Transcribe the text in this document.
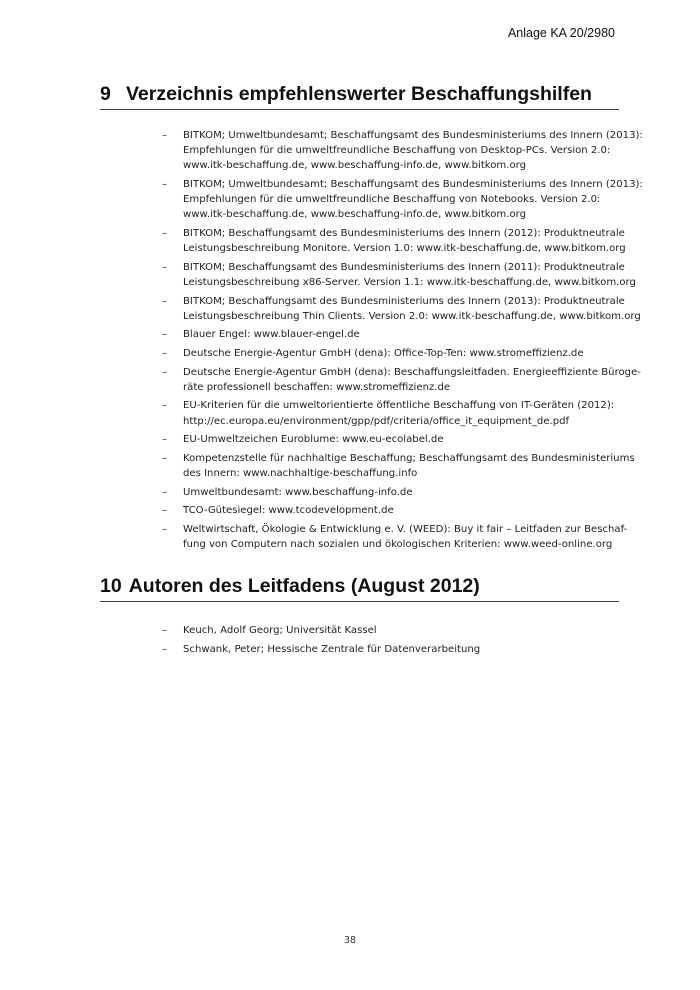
Anlage KA 20/2980
9 Verzeichnis empfehlenswerter Beschaffungshilfen
– BITKOM; Umweltbundesamt; Beschaffungsamt des Bundesministeriums des Innern (2013):
Empfehlungen für die umweltfreundliche Beschaffung von Desktop-PCs. Version 2.0:
www.itk-beschaffung.de, www.beschaffung-info.de, www.bitkom.org
– BITKOM; Umweltbundesamt; Beschaffungsamt des Bundesministeriums des Innern (2013):
Empfehlungen für die umweltfreundliche Beschaffung von Notebooks. Version 2.0:
www.itk-beschaffung.de, www.beschaffung-info.de, www.bitkom.org
– BITKOM; Beschaffungsamt des Bundesministeriums des Innern (2012): Produktneutrale
Leistungsbeschreibung Monitore. Version 1.0: www.itk-beschaffung.de, www.bitkom.org
– BITKOM; Beschaffungsamt des Bundesministeriums des Innern (2011): Produktneutrale
Leistungsbeschreibung x86-Server. Version 1.1: www.itk-beschaffung.de, www.bitkom.org
– BITKOM; Beschaffungsamt des Bundesministeriums des Innern (2013): Produktneutrale
Leistungsbeschreibung Thin Clients. Version 2.0: www.itk-beschaffung.de, www.bitkom.org
– Blauer Engel: www.blauer-engel.de
– Deutsche Energie-Agentur GmbH (dena): Office-Top-Ten: www.stromeffizienz.de
– Deutsche Energie-Agentur GmbH (dena): Beschaffungsleitfaden. Energieeffiziente Büroge-
räte professionell beschaffen: www.stromeffizienz.de
– EU-Kriterien für die umweltorientierte öffentliche Beschaffung von IT-Geräten (2012):
http://ec.europa.eu/environment/gpp/pdf/criteria/office_it_equipment_de.pdf
– EU-Umweltzeichen Euroblume: www.eu-ecolabel.de
– Kompetenzstelle für nachhaltige Beschaffung; Beschaffungsamt des Bundesministeriums
des Innern: www.nachhaltige-beschaffung.info
– Umweltbundesamt: www.beschaffung-info.de
– TCO-Gütesiegel: www.tcodevelopment.de
– Weltwirtschaft, Ökologie & Entwicklung e. V. (WEED): Buy it fair – Leitfaden zur Beschaf-
fung von Computern nach sozialen und ökologischen Kriterien: www.weed-online.org
10 Autoren des Leitfadens (August 2012)
– Keuch, Adolf Georg; Universität Kassel
– Schwank, Peter; Hessische Zentrale für Datenverarbeitung
38
